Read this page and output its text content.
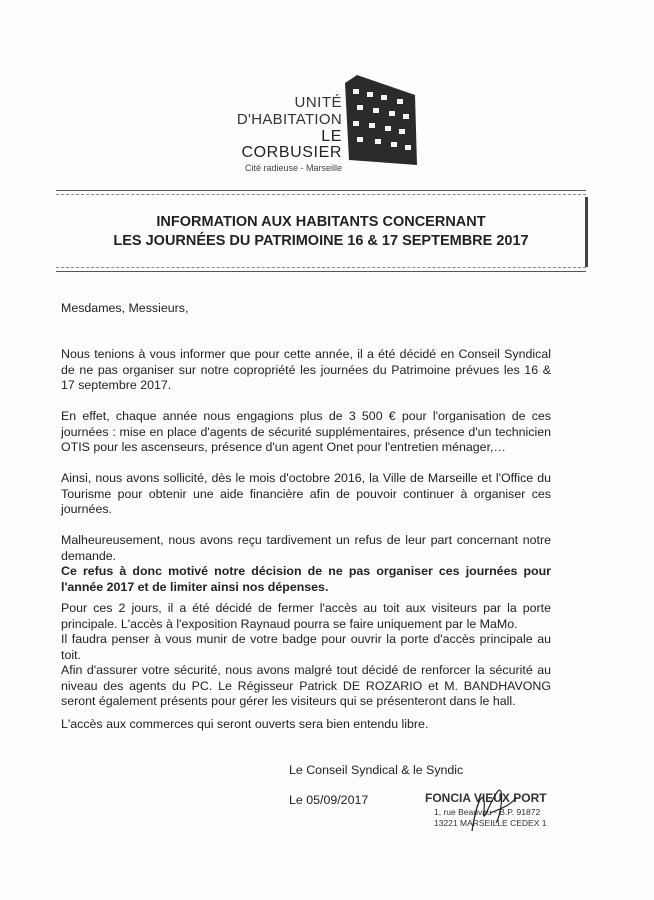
UNITÉ
D'HABITATION
LE CORBUSIER
Cité radieuse - Marseille
INFORMATION AUX HABITANTS CONCERNANT
LES JOURNÉES DU PATRIMOINE 16 & 17 SEPTEMBRE 2017
Mesdames, Messieurs,
Nous tenions à vous informer que pour cette année, il a été décidé en Conseil Syndical de ne pas organiser sur notre copropriété les journées du Patrimoine prévues les 16 & 17 septembre 2017.
En effet, chaque année nous engagions plus de 3 500 € pour l'organisation de ces journées : mise en place d'agents de sécurité supplémentaires, présence d'un technicien OTIS pour les ascenseurs, présence d'un agent Onet pour l'entretien ménager,…
Ainsi, nous avons sollicité, dès le mois d'octobre 2016, la Ville de Marseille et l'Office du Tourisme pour obtenir une aide financière afin de pouvoir continuer à organiser ces journées.
Malheureusement, nous avons reçu tardivement un refus de leur part concernant notre demande.
Ce refus à donc motivé notre décision de ne pas organiser ces journées pour l'année 2017 et de limiter ainsi nos dépenses.
Pour ces 2 jours, il a été décidé de fermer l'accès au toit aux visiteurs par la porte principale. L'accès à l'exposition Raynaud pourra se faire uniquement par le MaMo.
Il faudra penser à vous munir de votre badge pour ouvrir la porte d'accès principale au toit.
Afin d'assurer votre sécurité, nous avons malgré tout décidé de renforcer la sécurité au niveau des agents du PC. Le Régisseur Patrick DE ROZARIO et M. BANDHAVONG seront également présents pour gérer les visiteurs qui se présenteront dans le hall.
L'accès aux commerces qui seront ouverts sera bien entendu libre.
Le Conseil Syndical & le Syndic
Le 05/09/2017	FONCIA VIEUX PORT
1, rue Beauvau - B.P. 91872
13221 MARSEILLE CEDEX 1
